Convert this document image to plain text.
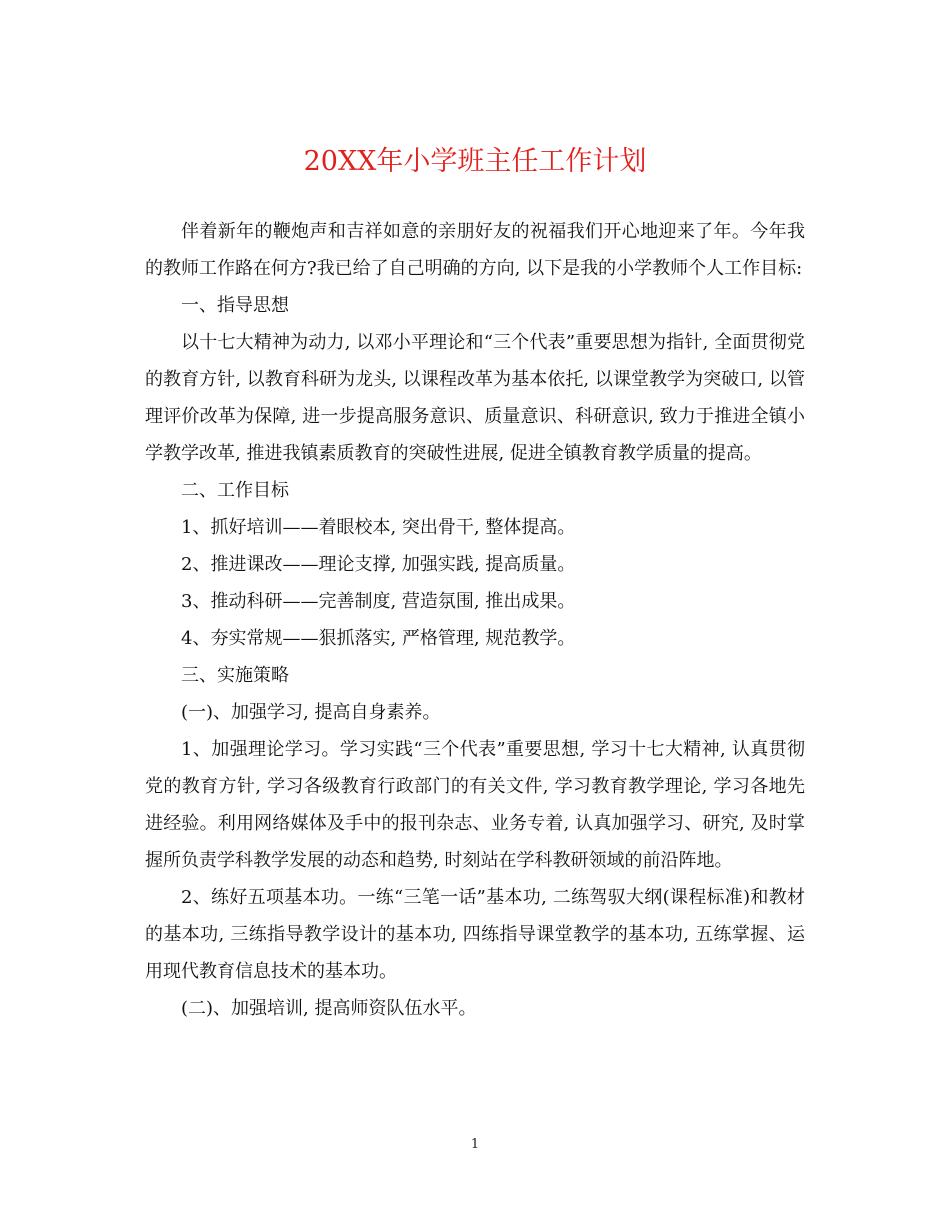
20XX年小学班主任工作计划

伴着新年的鞭炮声和吉祥如意的亲朋好友的祝福我们开心地迎来了年。今年我的教师工作路在何方?我已给了自己明确的方向, 以下是我的小学教师个人工作目标:

一、指导思想

以十七大精神为动力, 以邓小平理论和“三个代表”重要思想为指针, 全面贯彻党的教育方针, 以教育科研为龙头, 以课程改革为基本依托, 以课堂教学为突破口, 以管理评价改革为保障, 进一步提高服务意识、质量意识、科研意识, 致力于推进全镇小学教学改革, 推进我镇素质教育的突破性进展, 促进全镇教育教学质量的提高。

二、工作目标

1、抓好培训——着眼校本, 突出骨干, 整体提高。

2、推进课改——理论支撑, 加强实践, 提高质量。

3、推动科研——完善制度, 营造氛围, 推出成果。

4、夯实常规——狠抓落实, 严格管理, 规范教学。

三、实施策略

(一)、加强学习, 提高自身素养。

1、加强理论学习。学习实践“三个代表”重要思想, 学习十七大精神, 认真贯彻党的教育方针, 学习各级教育行政部门的有关文件, 学习教育教学理论, 学习各地先进经验。利用网络媒体及手中的报刊杂志、业务专着, 认真加强学习、研究, 及时掌握所负责学科教学发展的动态和趋势, 时刻站在学科教研领域的前沿阵地。

2、练好五项基本功。一练“三笔一话”基本功, 二练驾驭大纲(课程标准)和教材的基本功, 三练指导教学设计的基本功, 四练指导课堂教学的基本功, 五练掌握、运用现代教育信息技术的基本功。

(二)、加强培训, 提高师资队伍水平。

1
